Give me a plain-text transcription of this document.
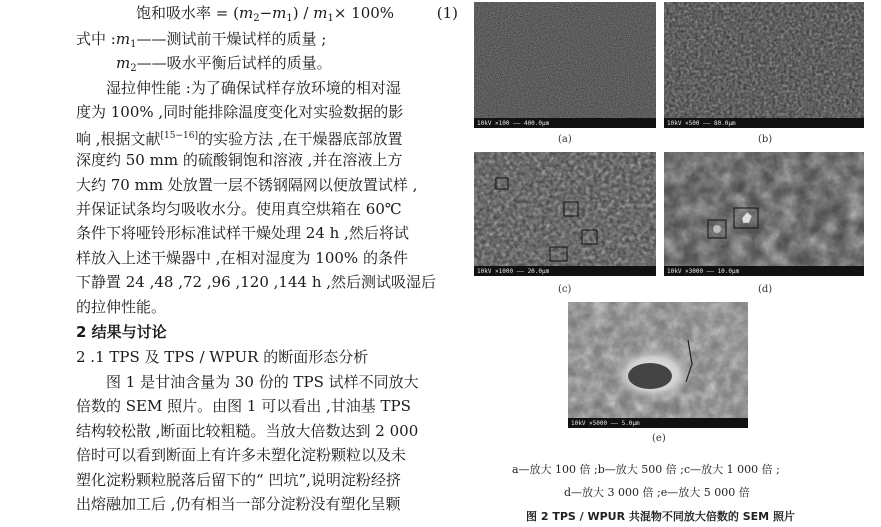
饱和吸水率 = $(m_2-m_1) / m_1\times 100\%$	(1)
式中 $:m_1——$测试前干燥试样的质量 ;
$m_2——$吸水平衡后试样的质量。
湿拉伸性能 :为了确保试样存放环境的相对湿
度为 100% ,同时能排除温度变化对实验数据的影
响 ,根据文献[15−16]的实验方法 ,在干燥器底部放置
深度约 50 mm 的硫酸铜饱和溶液 ,并在溶液上方
大约 70 mm 处放置一层不锈钢隔网以便放置试样 ,
并保证试条均匀吸收水分。使用真空烘箱在 60℃
条件下将哑铃形标准试样干燥处理 24 h ,然后将试
样放入上述干燥器中 ,在相对湿度为 100% 的条件
下静置 24 ,48 ,72 ,96 ,120 ,144 h ,然后测试吸湿后
的拉伸性能。
2 结果与讨论
2 .1 TPS 及 TPS / WPUR 的断面形态分析
图 1 是甘油含量为 30 份的 TPS 试样不同放大
倍数的 SEM 照片。由图 1 可以看出 ,甘油基 TPS
结构较松散 ,断面比较粗糙。当放大倍数达到 2 000
倍时可以看到断面上有许多未塑化淀粉颗粒以及未
塑化淀粉颗粒脱落后留下的“ 凹坑”,说明淀粉经挤
出熔融加工后 ,仍有相当一部分淀粉没有塑化呈颗
10kV ×100 —— 400.0μm
(a)
10kV ×500 —— 80.0μm
(b)
10kV ×1000 —— 20.0μm
(c)
10kV ×3000 —— 10.0μm
(d)
10kV ×5000 —— 5.0μm
(e)
a—放大 100 倍 ;b—放大 500 倍 ;c—放大 1 000 倍 ;
d—放大 3 000 倍 ;e—放大 5 000 倍
图 2 TPS / WPUR 共混物不同放大倍数的 SEM 照片
